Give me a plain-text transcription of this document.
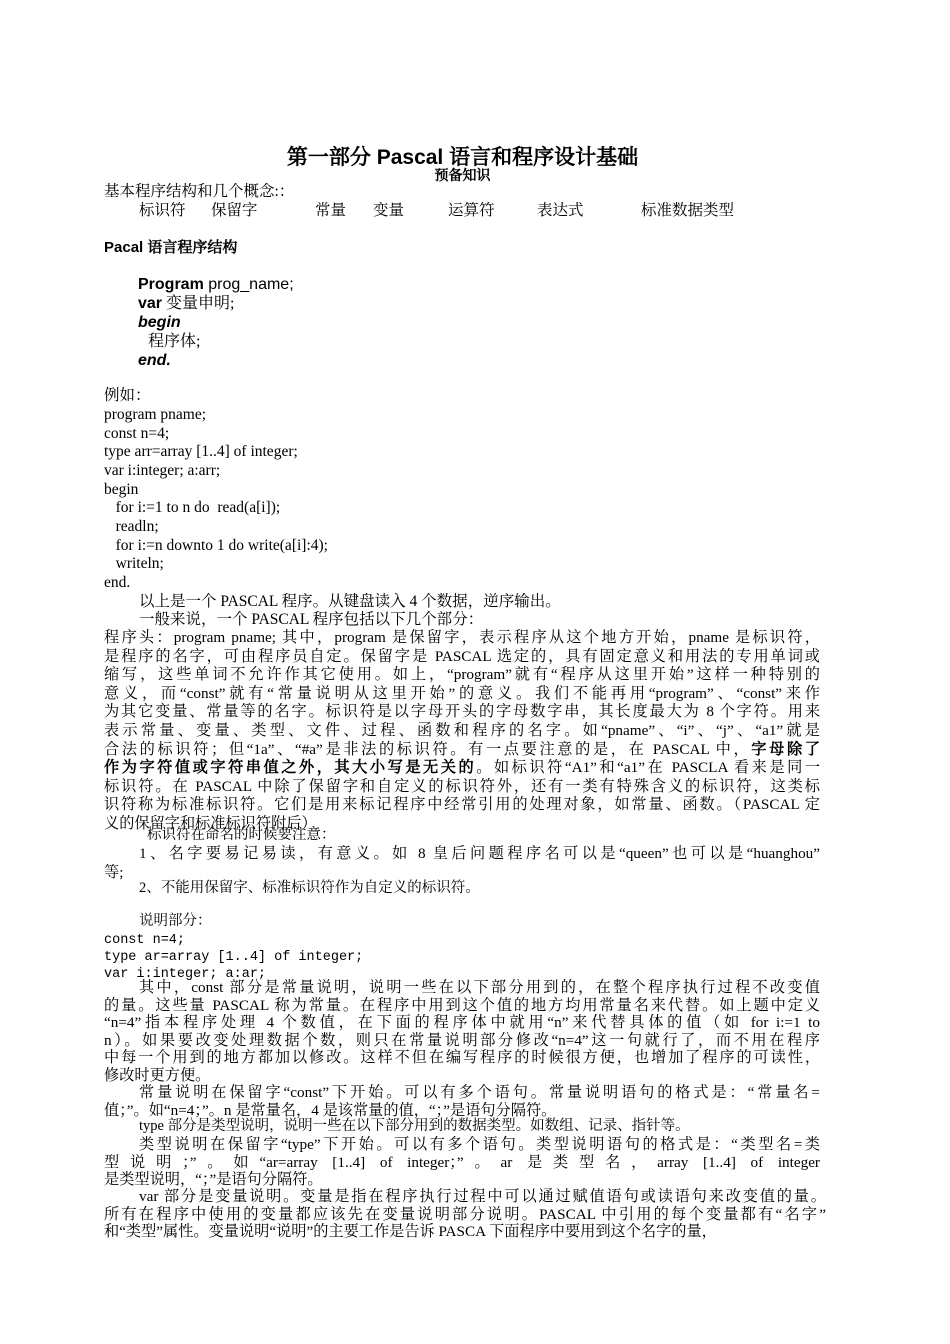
第一部分 Pascal 语言和程序设计基础
预备知识
基本程序结构和几个概念:：
标识符 保留字	常量 变量	运算符	表达式	标准数据类型
Pacal 语言程序结构
Program prog_name;
var 变量申明;
begin
程序体;
end.
例如：
program pname;
const n=4;
type arr=array [1..4] of integer;
var i:integer; a:arr;
begin
for i:=1 to n do  read(a[i]);
readln;
for i:=n downto 1 do write(a[i]:4);
writeln;
end.
以上是一个 PASCAL 程序。从键盘读入 4 个数据，逆序输出。
一般来说，一个 PASCAL 程序包括以下几个部分：

程序头：program pname; 其中，program 是保留字，表示程序从这个地方开始，pname 是标识符，

是程序的名字，可由程序员自定。保留字是 PASCAL 选定的，具有固定意义和用法的专用单词或

缩写，这些单词不允许作其它使用。如上，“program”就有“程序从这里开始”这样一种特别的

意义，而“const”就有“常量说明从这里开始”的意义。我们不能再用“program”、“const”来作

为其它变量、常量等的名字。标识符是以字母开头的字母数字串，其长度最大为 8 个字符。用来

表示常量、变量、类型、文件、过程、函数和程序的名字。如“pname”、“i”、“j”、“a1”就是

合法的标识符；但“1a”、“#a”是非法的标识符。有一点要注意的是，在 PASCAL 中，字母除了

作为字符值或字符串值之外，其大小写是无关的。如标识符“A1”和“a1”在 PASCLA 看来是同一

标识符。在 PASCAL 中除了保留字和自定义的标识符外，还有一类有特殊含义的标识符，这类标

识符称为标准标识符。它们是用来标记程序中经常引用的处理对象，如常量、函数。（PASCAL 定

义的保留字和标准标识符附后）

标识符在命名的时候要注意：

1、名字要易记易读，有意义。如 8 皇后问题程序名可以是“queen”也可以是“huanghou”

等;

2、不能用保留字、标准标识符作为自定义的标识符。
说明部分：
const n=4;
type ar=array [1..4] of integer;
var i:integer; a:ar;

其中，const 部分是常量说明，说明一些在以下部分用到的，在整个程序执行过程不改变值

的量。这些量 PASCAL 称为常量。在程序中用到这个值的地方均用常量名来代替。如上题中定义

“n=4”指本程序处理 4 个数值，在下面的程序体中就用“n”来代替具体的值（如 for i:=1 to

n）。如果要改变处理数据个数，则只在常量说明部分修改“n=4”这一句就行了，而不用在程序

中每一个用到的地方都加以修改。这样不但在编写程序的时候很方便，也增加了程序的可读性，

修改时更方便。

常量说明在保留字“const”下开始。可以有多个语句。常量说明语句的格式是：“常量名=

值；”。如“n=4；”。n 是常量名，4 是该常量的值，“；”是语句分隔符。

type 部分是类型说明，说明一些在以下部分用到的数据类型。如数组、记录、指针等。

类型说明在保留字“type”下开始。可以有多个语句。类型说明语句的格式是：“类型名=类

型说明；”。如“ar=array [1..4] of integer；”。ar 是类型名，array [1..4] of integer

是类型说明，“；”是语句分隔符。

var 部分是变量说明。变量是指在程序执行过程中可以通过赋值语句或读语句来改变值的量。

所有在程序中使用的变量都应该先在变量说明部分说明。PASCAL 中引用的每个变量都有“名字”

和“类型”属性。变量说明“说明”的主要工作是告诉 PASCA 下面程序中要用到这个名字的量，
